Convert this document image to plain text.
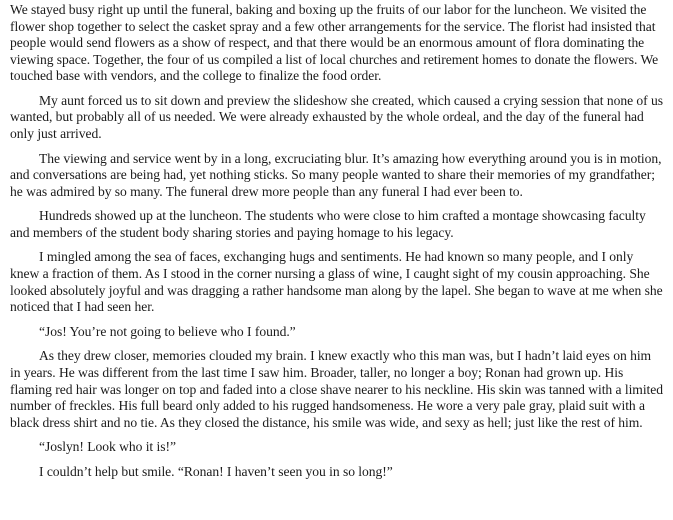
We stayed busy right up until the funeral, baking and boxing up the fruits of our labor for the luncheon. We visited the flower shop together to select the casket spray and a few other arrangements for the service. The florist had insisted that people would send flowers as a show of respect, and that there would be an enormous amount of flora dominating the viewing space. Together, the four of us compiled a list of local churches and retirement homes to donate the flowers. We touched base with vendors, and the college to finalize the food order.

My aunt forced us to sit down and preview the slideshow she created, which caused a crying session that none of us wanted, but probably all of us needed. We were already exhausted by the whole ordeal, and the day of the funeral had only just arrived.

The viewing and service went by in a long, excruciating blur. It’s amazing how everything around you is in motion, and conversations are being had, yet nothing sticks. So many people wanted to share their memories of my grandfather; he was admired by so many. The funeral drew more people than any funeral I had ever been to.

Hundreds showed up at the luncheon. The students who were close to him crafted a montage showcasing faculty and members of the student body sharing stories and paying homage to his legacy.

I mingled among the sea of faces, exchanging hugs and sentiments. He had known so many people, and I only knew a fraction of them. As I stood in the corner nursing a glass of wine, I caught sight of my cousin approaching. She looked absolutely joyful and was dragging a rather handsome man along by the lapel. She began to wave at me when she noticed that I had seen her.

“Jos! You’re not going to believe who I found.”

As they drew closer, memories clouded my brain. I knew exactly who this man was, but I hadn’t laid eyes on him in years. He was different from the last time I saw him. Broader, taller, no longer a boy; Ronan had grown up. His flaming red hair was longer on top and faded into a close shave nearer to his neckline. His skin was tanned with a limited number of freckles. His full beard only added to his rugged handsomeness. He wore a very pale gray, plaid suit with a black dress shirt and no tie. As they closed the distance, his smile was wide, and sexy as hell; just like the rest of him.

“Joslyn! Look who it is!”

I couldn’t help but smile. “Ronan! I haven’t seen you in so long!”
